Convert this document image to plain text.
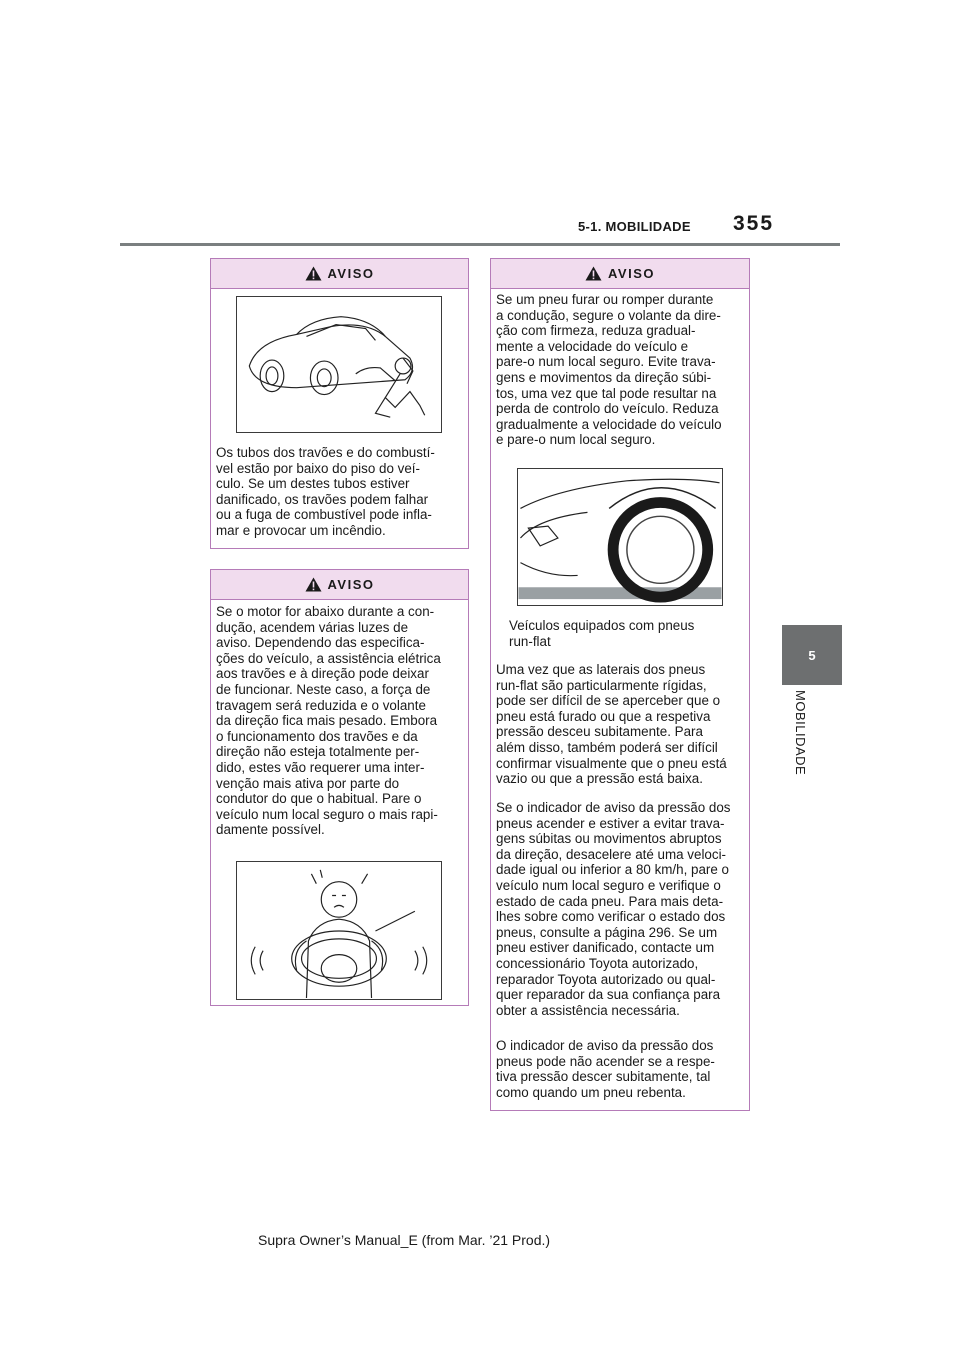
5-1. MOBILIDADE 355
5
MOBILIDADE
AVISO
Os tubos dos travões e do combustí-
vel estão por baixo do piso do veí-
culo. Se um destes tubos estiver
danificado, os travões podem falhar
ou a fuga de combustível pode infla-
mar e provocar um incêndio.
AVISO
Se o motor for abaixo durante a con-
dução, acendem várias luzes de
aviso. Dependendo das especifica-
ções do veículo, a assistência elétrica
aos travões e à direção pode deixar
de funcionar. Neste caso, a força de
travagem será reduzida e o volante
da direção fica mais pesado. Embora
o funcionamento dos travões e da
direção não esteja totalmente per-
dido, estes vão requerer uma inter-
venção mais ativa por parte do
condutor do que o habitual. Pare o
veículo num local seguro o mais rapi-
damente possível.
AVISO
Se um pneu furar ou romper durante
a condução, segure o volante da dire-
ção com firmeza, reduza gradual-
mente a velocidade do veículo e
pare-o num local seguro. Evite trava-
gens e movimentos da direção súbi-
tos, uma vez que tal pode resultar na
perda de controlo do veículo. Reduza
gradualmente a velocidade do veículo
e pare-o num local seguro.
Veículos equipados com pneus
run-flat
Uma vez que as laterais dos pneus
run-flat são particularmente rígidas,
pode ser difícil de se aperceber que o
pneu está furado ou que a respetiva
pressão desceu subitamente. Para
além disso, também poderá ser difícil
confirmar visualmente que o pneu está
vazio ou que a pressão está baixa.
Se o indicador de aviso da pressão dos
pneus acender e estiver a evitar trava-
gens súbitas ou movimentos abruptos
da direção, desacelere até uma veloci-
dade igual ou inferior a 80 km/h, pare o
veículo num local seguro e verifique o
estado de cada pneu. Para mais deta-
lhes sobre como verificar o estado dos
pneus, consulte a página 296. Se um
pneu estiver danificado, contacte um
concessionário Toyota autorizado,
reparador Toyota autorizado ou qual-
quer reparador da sua confiança para
obter a assistência necessária.
O indicador de aviso da pressão dos
pneus pode não acender se a respe-
tiva pressão descer subitamente, tal
como quando um pneu rebenta.
Supra Owner’s Manual_E (from Mar. ’21 Prod.)
